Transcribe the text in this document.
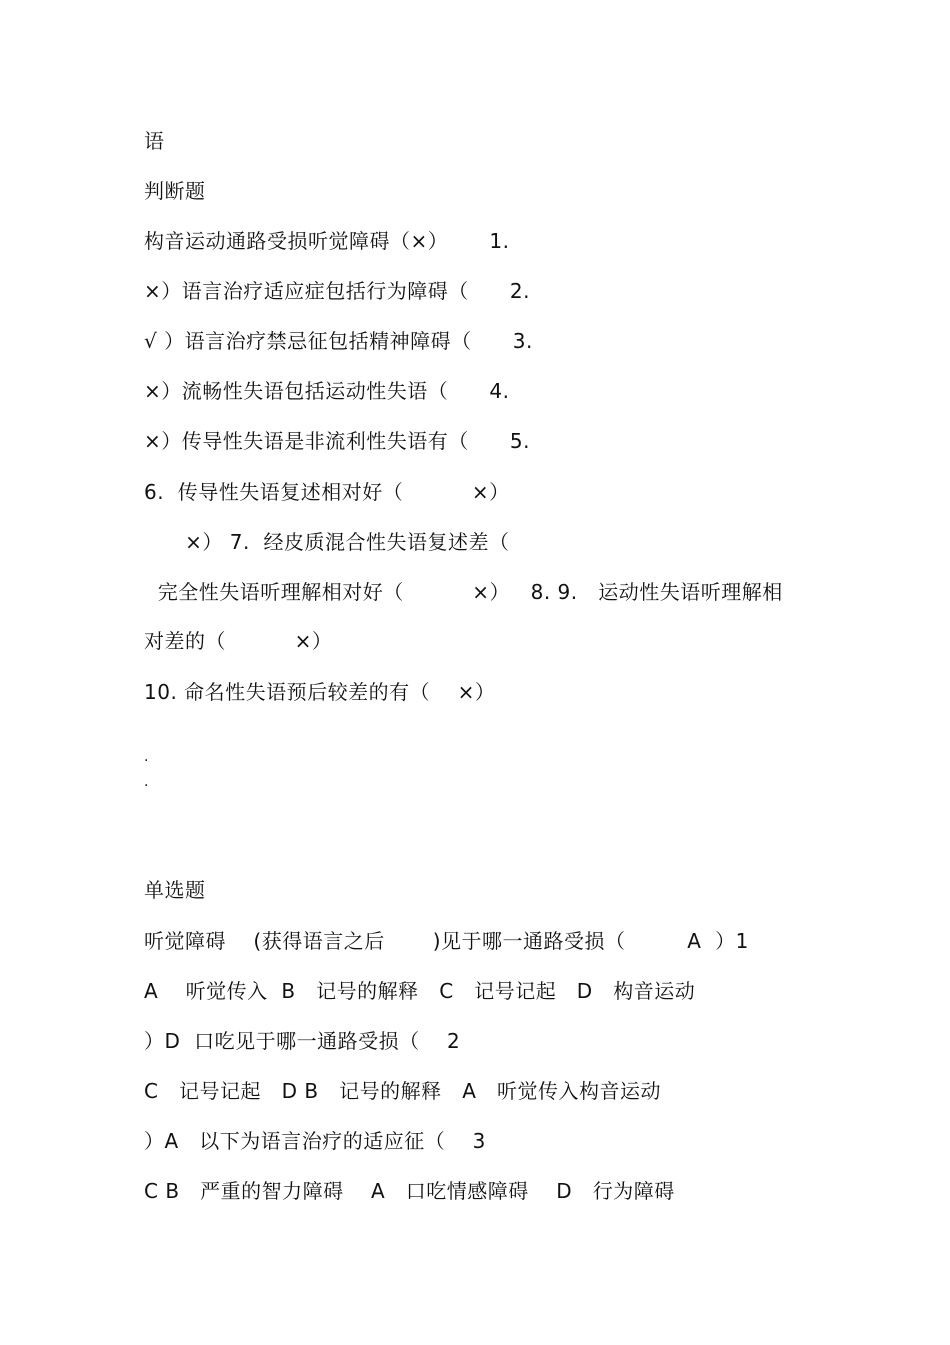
语
判断题
构音运动通路受损听觉障碍（×）      1.
×）语言治疗适应症包括行为障碍（      2.
√ ）语言治疗禁忌征包括精神障碍（      3.
×）流畅性失语包括运动性失语（      4.
×）传导性失语是非流利性失语有（      5.
6.  传导性失语复述相对好（          ×）
×） 7.  经皮质混合性失语复述差（
完全性失语听理解相对好（          ×）   8. 9.   运动性失语听理解相
对差的（          ×）
10. 命名性失语预后较差的有（    ×）
.
.
单选题
听觉障碍    (获得语言之后       )见于哪一通路受损（         A  ）1
A    听觉传入  B   记号的解释   C   记号记起   D   构音运动
）D  口吃见于哪一通路受损（    2
C   记号记起   D B   记号的解释   A   听觉传入构音运动
）A   以下为语言治疗的适应征（    3
C B   严重的智力障碍    A   口吃情感障碍    D   行为障碍
